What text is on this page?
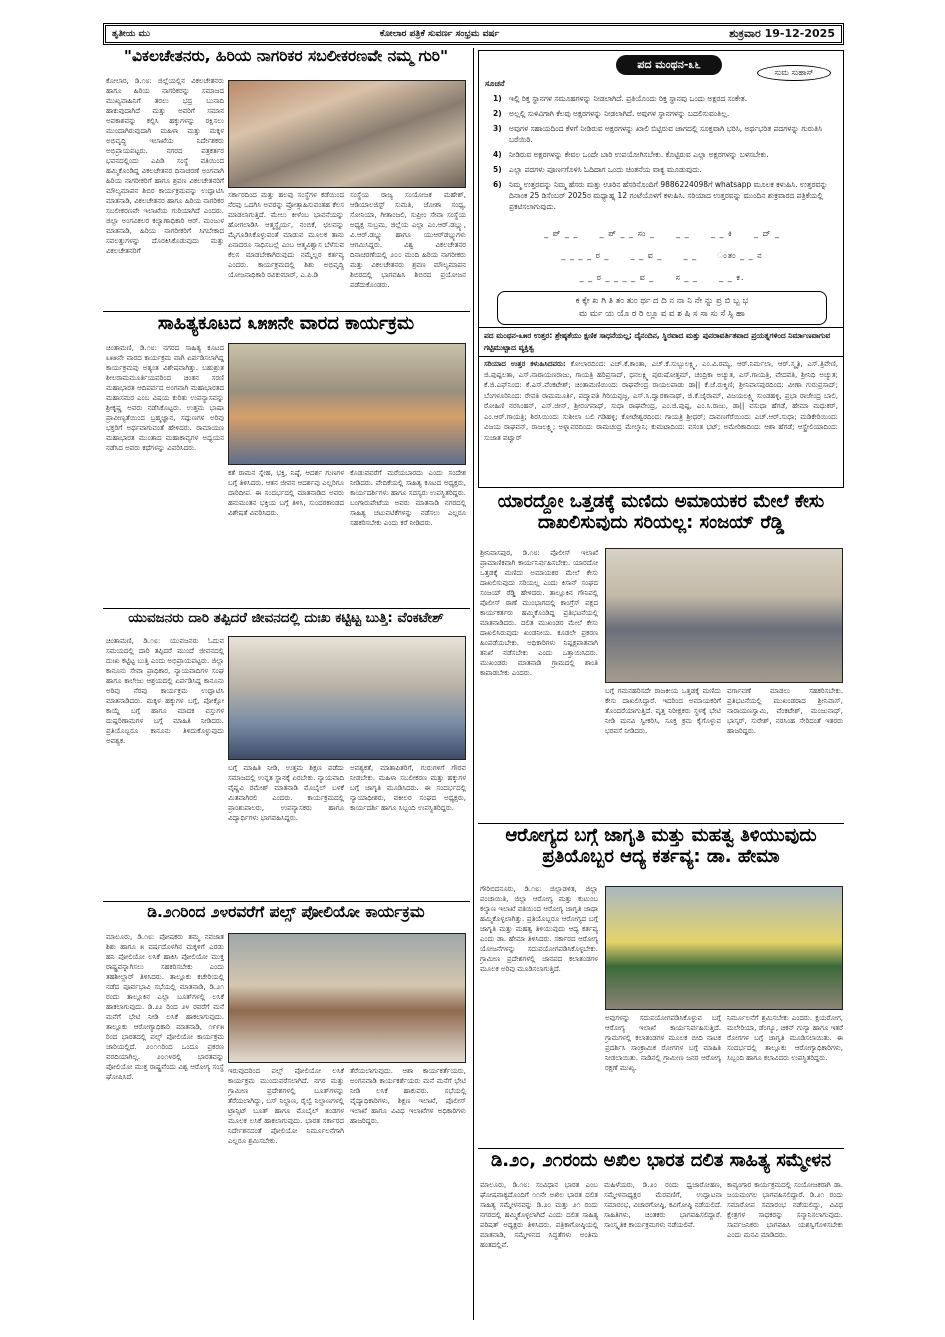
ತೃತೀಯ ಮು	ಕೋಲಾರ ಪತ್ರಿಕೆ ಸುವರ್ಣ ಸಂಭ್ರಮ ವರ್ಷ	ಶುಕ್ರವಾರ 19-12-2025
"ವಿಕಲಚೇತನರು, ಹಿರಿಯ ನಾಗರಿಕರ ಸಬಲೀಕರಣವೇ ನಮ್ಮ ಗುರಿ"
ಕೋಲಾರ, ಡಿ.೧೮: ಜಿಲ್ಲೆಯಲ್ಲಿನ ವಿಕಲಚೇತನರು ಹಾಗೂ ಹಿರಿಯ ನಾಗರಿಕರನ್ನು ಸಮಾಜದ ಮುಖ್ಯವಾಹಿನಿಗೆ ತರಲು ಭದ್ರ ಬುನಾದಿ ಹಾಕುವುದಾಗಿದೆ ಮತ್ತು ಅವರಿಗೆ ಸಮಾನ ಅವಕಾಶವನ್ನು ಕಲ್ಪಿಸಿ ಹಕ್ಕುಗಳನ್ನು ರಕ್ಷಿಸಲು ಮುಂದಾಗಿರುವುದಾಗಿ ಮಹಿಳಾ ಮತ್ತು ಮಕ್ಕಳ ಅಭಿವೃದ್ಧಿ ಇಲಾಖೆಯ ನಿರ್ದೇಶಕರು ಅಭಿಪ್ರಾಯಪಟ್ಟರು. ನಗರದ ಪತ್ರಕರ್ತರ ಭವನದಲ್ಲಿಂದು ಎಪಿಡಿ ಸಂಸ್ಥೆ ವತಿಯಿಂದ ಹಮ್ಮಿಕೊಂಡಿದ್ದ ವಿಕಲಚೇತನರ ದಿನಾಚರಣೆ ಅಂಗವಾಗಿ ಹಿರಿಯ ನಾಗರೀಕರಿಗೆ ಹಾಗೂ ಶ್ರವಣ ವಿಕಲಚೇತನರಿಗೆ ಮೌಲ್ಯಮಾಪನ ಶಿಬಿರ ಕಾರ್ಯಕ್ರಮವನ್ನು ಉದ್ಘಾಟಿಸಿ ಮಾತನಾಡಿ, ವಿಕಲಚೇತನರ ಹಾಗೂ ಹಿರಿಯ ನಾಗರಿಕರ ಸಬಲೀಕರಣವೇ ಇಲಾಖೆಯ ಗುರಿಯಾಗಿದೆ ಎಂದರು. ಜಿಲ್ಲಾ ಅಂಗವಿಕಲರ ಕಲ್ಯಾಣಾಧಿಕಾರಿ ಆರ್. ಮಂಜುಳ ಮಾತನಾಡಿ, ಹಿರಿಯ ನಾಗರೀಕರಿಗೆ ಸಿಗಬೇಕಾದ ಸವಲತ್ತುಗಳನ್ನು ದೊರಕಿಸಿಕೊಡುವುದು ಮತ್ತು ವಿಕಲಚೇತನರಿಗೆ
ಸರ್ಕಾರದಿಂದ ಮತ್ತು ಹಲವು ಸಂಸ್ಥೆಗಳ ಕಡೆಯಿಂದ ನೆರವು ಒದಗಿಸಿ ಅವರನ್ನು ಪ್ರೋತ್ಸಾಹಿಸುವಂತಹ ಕೆಲಸ ಮಾಡಲಾಗುತ್ತಿದೆ. ಮೇಲು ಕೀಳೆಂಬ ಭಾವನೆಯನ್ನು ಹೋಗಲಾಡಿಸಿ ಆತ್ಮಸ್ಥೈರ್ಯ, ನಂಬಿಕೆ, ಛಲವನ್ನು ಮೈಗೂಡಿಸಿಕೊಳ್ಳುವಂತೆ ಮಾಡುವ ಮೂಲಕ ತಾನು ಏನಾದರೂ ಸಾಧಿಸಬಲ್ಲೆ ಎಂಬ ಆತ್ಮವಿಶ್ವಾಸ ಬೆಳೆಸುವ ಕೆಲಸ ಮಾಡಬೇಕಾಗಿರುವುದು ನಮ್ಮೆಲ್ಲರ ಕರ್ತವ್ಯ ಎಂದರು. ಕಾರ್ಯಕ್ರಮದಲ್ಲಿ ಶಿಶು ಅಭಿವೃದ್ಧಿ ಯೋಜನಾಧಿಕಾರಿ ರವಿಕುಮಾರ್, ಎ.ಪಿ.ಡಿ
ಸಂಸ್ಥೆಯ ರಾಜ್ಯ ಸಂಯೋಜಕ ಮಹೇಶ್, ಆಡಿಯಾಲಜಿಸ್ಟ್ ಸುಮತಿ, ಜೋಶಾ ಸಂಧ್ಯ, ಸೋನಿಯಾ, ಗೀತಾಂಜಲಿ, ಸುಪ್ರೀಂ ಸೇವಾ ಸಂಸ್ಥೆಯ ಅಧ್ಯಕ್ಷ ಸುಬ್ರಮ, ಜಿಲ್ಲೆಯ ಎಲ್ಲಾ ಎಂ.ಆರ್.ಡಬ್ಲ್ಯು, ವಿ.ಆರ್.ಡಬ್ಲ್ಯು ಹಾಗೂ ಯುಆರ್‌ಡಬ್ಲ್ಯುಗಳು ಆಗಮಿಸಿದ್ದರು. ವಿಶ್ವ ವಿಕಲಚೇತನರ ದಿನಾಚರಣೆಯಲ್ಲಿ ೨೦೦ ಮಂದಿ ಹಿರಿಯ ನಾಗರೀಕರು ಮತ್ತು ವಿಕಲಚೇತನರು ಶ್ರವಣ ಮೌಲ್ಯಮಾಪನ ಶಿಬಿರದಲ್ಲಿ ಭಾಗವಹಿಸಿ ಶಿಬಿರದ ಪ್ರಯೋಜನ ಪಡೆದುಕೊಂಡರು.
ಸಾಹಿತ್ಯಕೂಟದ ೩೫೫ನೇ ವಾರದ ಕಾರ್ಯಕ್ರಮ
ಚಿಂತಾಮಣಿ, ಡಿ.೧೮: ನಗರದ ಸಾಹಿತ್ಯ ಕೂಟದ ೩೫೫ನೇ ವಾರದ ಕಾರ್ಯಕ್ರಮ ವಾಗಿ ಏರ್ಪಡಿಸಲಾಗಿದ್ದ ಕಾರ್ಯಕ್ರಮವು ಅತ್ಯಂತ ವಿಶೇಷವಾಗಿತ್ತು. ಬಹುಶ್ರುತ ಶೀಲರಾಮಮೂರ್ತಿಯವರಿಂದ ಚಿಂತನ ಸರಣಿ ಮಹಾಭಾರತ ಆದಿಪರ್ವದ ಅಂಗವಾಗಿ ಮಹಾಭಾರತದ ಮಹಾಸಮರ ಎಂಬ ವಿಷಯ ಕುರಿತು ಉಪನ್ಯಾಸವನ್ನು ಶ್ರೀಕೃಷ್ಣ ಅವರು ನಡೆಸಿಕೊಟ್ಟರು. ಉತ್ತಮ ಭಾಷಾ ಪ್ರಾವೀಣ್ಯತೆಯಿಂದ ಬ್ರಹ್ಮಜ್ಞಾನ, ಸದ್ಗುಣಗಳ ಅರಿವು ಭಕ್ತರಿಗೆ ಅರ್ಥವಾಗುವಂತೆ ಹೇಳಿದರು. ರಾಮಾಯಣ ಮಹಾಭಾರತ ಮುಂತಾದ ಮಹಾಕಾವ್ಯಗಳ ಅಧ್ಯಯನ ನಡೆಸಿದ ಅವರು ಕಥೆಗಳನ್ನು ವಿವರಿಸಿದರು.
ಕತೆ ರಾಮನ ಸ್ನೇಹ, ಭಕ್ತಿ, ನಿಷ್ಠೆ, ಆದರ್ಶ ಗುಣಗಳ ಬಗ್ಗೆ ತಿಳಿಸಿದರು. ಆತನ ಜೀವನ ಆದರ್ಶವು ಎಲ್ಲರಿಗೂ ದಾರಿದೀಪ. ಈ ಸಂದರ್ಭದಲ್ಲಿ ಮಾತನಾಡಿದ ಅವರು ಹನುಮಂತನ ಭಕ್ತಿಯ ಬಗ್ಗೆ ತಿಳಿಸಿ, ಸುಂದರಕಾಂಡದ ವಿಶೇಷತೆ ವಿವರಿಸಿದರು.
ಕೊಡುವವರೆಗೆ ಮರೆಯಬಾರದು ಎಂದು ಸಂದೇಶ ನೀಡಿದರು. ವೇದಿಕೆಯಲ್ಲಿ ಸಾಹಿತ್ಯ ಕೂಟದ ಅಧ್ಯಕ್ಷರು, ಕಾರ್ಯದರ್ಶಿಗಳು ಹಾಗೂ ಸದಸ್ಯರು ಉಪಸ್ಥಿತರಿದ್ದರು. ಬಂಗಾರುಪೇಟೆಯ ಅವರು ಮಾತನಾಡಿ ನಗರದಲ್ಲಿ ಸಾಹಿತ್ಯ ಚಟುವಟಿಕೆಗಳನ್ನು ನಡೆಸಲು ಎಲ್ಲರೂ ಸಹಕರಿಸಬೇಕು ಎಂದು ಕರೆ ನೀಡಿದರು.
ಯುವಜನರು ದಾರಿ ತಪ್ಪಿದರೆ ಜೀವನದಲ್ಲಿ ದುಃಖ ಕಟ್ಟಿಟ್ಟ ಬುತ್ತಿ: ವೆಂಕಟೇಶ್
ಚಿಂತಾಮಣಿ, ಡಿ.೧೮: ಯುವಜನರು ಓದುವ ಸಮಯದಲ್ಲಿ ದಾರಿ ತಪ್ಪಿದರೆ ಮುಂದೆ ಜೀವನದಲ್ಲಿ ದುಃಖ ಕಟ್ಟಿಟ್ಟ ಬುತ್ತಿ ಎಂದು ಅಭಿಪ್ರಾಯಪಟ್ಟರು. ಜಿಲ್ಲಾ ಕಾನೂನು ಸೇವಾ ಪ್ರಾಧಿಕಾರ, ನ್ಯಾಯವಾದಿಗಳ ಸಂಘ ಹಾಗೂ ಕಾಲೇಜು ಆಶ್ರಯದಲ್ಲಿ ಏರ್ಪಡಿಸಿದ್ದ ಕಾನೂನು ಅರಿವು ನೆರವು ಕಾರ್ಯಕ್ರಮ ಉದ್ಘಾಟಿಸಿ ಮಾತನಾಡಿದರು. ಮಕ್ಕಳ ಹಕ್ಕುಗಳ ಬಗ್ಗೆ, ಪೋಕ್ಸೋ ಕಾಯ್ದೆ ಬಗ್ಗೆ ಹಾಗೂ ಮಾದಕ ವಸ್ತುಗಳ ದುಷ್ಪರಿಣಾಮಗಳ ಬಗ್ಗೆ ಮಾಹಿತಿ ನೀಡಿದರು. ಪ್ರತಿಯೊಬ್ಬರೂ ಕಾನೂನು ತಿಳಿದುಕೊಳ್ಳುವುದು ಅವಶ್ಯಕ.
ಬಗ್ಗೆ ಮಾಹಿತಿ ನೀಡಿ, ಉತ್ತಮ ಶಿಕ್ಷಣ ಪಡೆದು ಸಮಾಜದಲ್ಲಿ ಉನ್ನತ ಸ್ಥಾನಕ್ಕೆ ಏರಬೇಕು. ನ್ಯಾಯವಾದಿ ವೈಷ್ಣವಿ ರಮೇಶ್ ಮಾತನಾಡಿ ಮೊಬೈಲ್ ಬಳಕೆ ಮಿತವಾಗಿರಲಿ ಎಂದರು. ಕಾರ್ಯಕ್ರಮದಲ್ಲಿ ಪ್ರಾಂಶುಪಾಲರು, ಉಪನ್ಯಾಸಕರು ಹಾಗೂ ವಿದ್ಯಾರ್ಥಿಗಳು ಭಾಗವಹಿಸಿದ್ದರು.
ಅವಶ್ಯಕತೆ, ಮಾತಾಪಿತರಿಗೆ, ಗುರುಗಳಿಗೆ ಗೌರವ ನೀಡಬೇಕು. ಮಹಿಳಾ ಸಬಲೀಕರಣ ಮತ್ತು ಹಕ್ಕುಗಳ ಬಗ್ಗೆ ಜಾಗೃತಿ ಮೂಡಿಸಿದರು. ಈ ಸಂದರ್ಭದಲ್ಲಿ ನ್ಯಾಯಾಧೀಶರು, ವಕೀಲರ ಸಂಘದ ಅಧ್ಯಕ್ಷರು, ಕಾರ್ಯದರ್ಶಿ ಹಾಗೂ ಸಿಬ್ಬಂದಿ ಉಪಸ್ಥಿತರಿದ್ದರು.
ಡಿ.೨೧ರಿಂದ ೨೪ರವರೆಗೆ ಪಲ್ಸ್ ಪೋಲಿಯೋ ಕಾರ್ಯಕ್ರಮ
ಮಾಲೂರು, ಡಿ.೧೮: ಪೋಷಕರು ತಮ್ಮ ನವಜಾತ ಶಿಶು ಹಾಗೂ ೫ ವರ್ಷದೊಳಗಿನ ಮಕ್ಕಳಿಗೆ ಎರಡು ಹನಿ ಪೋಲಿಯೋ ಲಸಿಕೆ ಹಾಕಿಸಿ ಪೋಲಿಯೋ ಮುಕ್ತ ರಾಷ್ಟ್ರವನ್ನಾಗಿಸಲು ಸಹಕರಿಸಬೇಕು ಎಂದು ತಹಶೀಲ್ದಾರ್ ತಿಳಿಸಿದರು. ತಾಲ್ಲೂಕು ಕಚೇರಿಯಲ್ಲಿ ನಡೆದ ಪೂರ್ವಭಾವಿ ಸಭೆಯಲ್ಲಿ ಮಾತನಾಡಿ, ಡಿ.೨೧ ರಂದು ತಾಲ್ಲೂಕಿನ ಎಲ್ಲಾ ಬೂತ್‌ಗಳಲ್ಲಿ ಲಸಿಕೆ ಹಾಕಲಾಗುವುದು. ಡಿ.೨೨ ರಿಂದ ೨೪ ರವರೆಗೆ ಮನೆ ಮನೆಗೆ ಭೇಟಿ ನೀಡಿ ಲಸಿಕೆ ಹಾಕಲಾಗುವುದು. ತಾಲ್ಲೂಕು ಆರೋಗ್ಯಾಧಿಕಾರಿ ಮಾತನಾಡಿ, ೧೯೯೫ ರಿಂದ ಭಾರತದಲ್ಲಿ ಪಲ್ಸ್ ಪೋಲಿಯೋ ಕಾರ್ಯಕ್ರಮ ಜಾರಿಯಲ್ಲಿದೆ. ೨೦೧೧ರಿಂದ ಒಂದೂ ಪ್ರಕರಣ ವರದಿಯಾಗಿಲ್ಲ. ೨೦೧೪ರಲ್ಲಿ ಭಾರತವನ್ನು ಪೋಲಿಯೋ ಮುಕ್ತ ರಾಷ್ಟ್ರವೆಂದು ವಿಶ್ವ ಆರೋಗ್ಯ ಸಂಸ್ಥೆ ಘೋಷಿಸಿದೆ.
ಇರುವುದರಿಂದ ಪಲ್ಸ್ ಪೋಲಿಯೋ ಲಸಿಕೆ ಕಾರ್ಯಕ್ರಮ ಮುಂದುವರೆಸಲಾಗಿದೆ. ನಗರ ಮತ್ತು ಗ್ರಾಮೀಣ ಪ್ರದೇಶಗಳಲ್ಲಿ ಬೂತ್‌ಗಳನ್ನು ತೆರೆಯಲಾಗಿದ್ದು, ಬಸ್ ನಿಲ್ದಾಣ, ರೈಲ್ವೆ ನಿಲ್ದಾಣಗಳಲ್ಲಿ ಟ್ರಾನ್ಸಿಟ್ ಬೂತ್ ಹಾಗೂ ಮೊಬೈಲ್ ತಂಡಗಳ ಮೂಲಕ ಲಸಿಕೆ ಹಾಕಲಾಗುವುದು. ಭಾರತ ಸರ್ಕಾರದ ನಿರ್ದೇಶನದಂತೆ ಪೋಲಿಯೋ ನಿರ್ಮೂಲನೆಗಾಗಿ ಎಲ್ಲರೂ ಶ್ರಮಿಸಬೇಕು.
ತೆರೆಯಲಾಗುವುದು. ಆಶಾ ಕಾರ್ಯಕರ್ತೆಯರು, ಅಂಗನವಾಡಿ ಕಾರ್ಯಕರ್ತೆಯರು ಮನೆ ಮನೆಗೆ ಭೇಟಿ ನೀಡಿ ಲಸಿಕೆ ಹಾಕುವರು. ಸಭೆಯಲ್ಲಿ ವೈದ್ಯಾಧಿಕಾರಿಗಳು, ಶಿಕ್ಷಣ ಇಲಾಖೆ, ಪೊಲೀಸ್ ಇಲಾಖೆ ಹಾಗೂ ವಿವಿಧ ಇಲಾಖೆಗಳ ಅಧಿಕಾರಿಗಳು ಹಾಜರಿದ್ದರು.
ಪದ ಮಂಥನ-೩೬
ಸುಮ ಸುಹಾಸ್
ಸೂಚನೆ
1) ಇಲ್ಲಿ ರಿಕ್ತ ಸ್ಥಾನಗಳ ಸಮೂಹಗಳನ್ನು ನೀಡಲಾಗಿದೆ. ಪ್ರತಿಯೊಂದು ರಿಕ್ತ ಸ್ಥಾನವು ಒಂದು ಅಕ್ಷರದ ಸಂಕೇತ.
2) ಅಲ್ಲಲ್ಲಿ ಸುಳಿವಿಗಾಗಿ ಕೆಲವು ಅಕ್ಷರಗಳನ್ನು ನೀಡಲಾಗಿದೆ. ಅವುಗಳ ಸ್ಥಾನಗಳನ್ನು ಬದಲಿಸುವಂತಿಲ್ಲ.
3) ಅವುಗಳ ಸಹಾಯದಿಂದ ಕೆಳಗೆ ನೀಡಿರುವ ಅಕ್ಷರಗಳನ್ನು ಖಾಲಿ ಬಿಟ್ಟಿರುವ ಜಾಗದಲ್ಲಿ ಸೂಕ್ತವಾಗಿ ಭರಿಸಿ, ಅರ್ಥಭರಿತ ಪದಗಳನ್ನು ಗುರುತಿಸಿ ಬರೆಯಿರಿ.
4) ನೀಡಿರುವ ಅಕ್ಷರಗಳನ್ನು ಕೇವಲ ಒಂದೇ ಬಾರಿ ಉಪಯೋಗಿಸಬೇಕು. ಕೊಟ್ಟಿರುವ ಎಲ್ಲಾ ಅಕ್ಷರಗಳನ್ನು ಬಳಸಬೇಕು.
5) ಎಲ್ಲಾ ಪದಗಳು ಪೂರ್ಣಗೊಳಿಸಿ ಓದಿದಾಗ ಒಂದು ಚಿಂತನೆಯ ವಾಕ್ಯ ಮೂಡುವುದು.
6) ನಿಮ್ಮ ಉತ್ತರವನ್ನು ನಿಮ್ಮ ಹೆಸರು ಮತ್ತು ಊರಿನ ಹೆಸರಿನೊಂದಿಗೆ 9886224098ಗೆ whatsapp ಮೂಲಕ ಕಳುಹಿಸಿ. ಉತ್ತರವನ್ನು ದಿನಾಂಕ 25 ಡಿಸೆಂಬರ್ 2025ರ ಮಧ್ಯಾಹ್ನ 12 ಗಂಟೆಯೊಳಗೆ ಕಳುಹಿಸಿ. ಸರಿಯಾದ ಉತ್ತರವನ್ನು ಮುಂದಿನ ಶುಕ್ರವಾರದ ಪತ್ರಿಕೆಯಲ್ಲಿ ಪ್ರಕಟಿಸಲಾಗುವುದು.
_ ಪ್ _ _      _ ಪ್ _ _ ಸಂ _      _ _      _ _ ಕಿ      _ ದ್ _
_ _ _ _ ರ _      _ _ ವ _      _ _      ಂತಂ _ _ ನ
_ _ ರ _ _ _ _ ವ _      ಸ _ _      _ _ ಕ.
ಕ ಕ್ಕೇ ಖ ಗಿ ತಿ ತಂ ತುಂ ರ್ಥ ದ ದಿ ನ ನಾ ನಿ ನೇ ನ್ನು ಪ್ರ ಬಿ ಬ್ಬ ಭ
ಮ ರ್ಮ ಯ ಯೊ ರ ರಿ ಲ್ಲೂ ವ ವ ಶ ಷಿ ಸ ಸಾ ಸು ಸೆ ಸ್ಸಿ ಹಾ
ಪದ ಮಂಥನ-೩೫ರ ಉತ್ತರ: ಶ್ರೇಷ್ಠತೆಯು ಕ್ಷಣಿಕ ಸಾಧನೆಯಲ್ಲ; ದೈನಂದಿನ, ಸ್ಥಿರವಾದ ಮತ್ತು ಪುನರಾವರ್ತಿತವಾದ ಪ್ರಯತ್ನಗಳಿಂದ ನಿರ್ಮಾಣವಾಗುವ ಗಟ್ಟಿಮುಟ್ಟಾದ ವ್ಯಕ್ತಿತ್ವ
ಸರಿಯಾದ ಉತ್ತರ ಕಳುಹಿಸಿದವರು: ಕೋಲಾರದಿಂದ: ಎಚ್.ಕೆ.ಕಾಂತಾ, ಎಚ್.ಕೆ.ಸುಬ್ಬುಲಕ್ಷ್ಮಿ, ಎಂ.ವಿ.ರಮ್ಯ, ಆರ್.ನಿರ್ಮಲಾ, ಆರ್.ಸ್ಮೃತಿ, ಎಸ್.ತ್ರಿವೇಣಿ, ಜಿ.ಪುಷ್ಪಲತಾ, ಎಸ್.ನಾರಾಯಣರಾಜು, ಗಾಯತ್ರಿ ಹರಿಪ್ರಸಾದ್, ಧನಲಕ್ಷ್ಮಿ ಪುರುಷೋತ್ತಮ್, ಚಂದ್ರಿಕಾ ಅಚ್ಯುತ, ಎಸ್.ಗಾಯತ್ರಿ, ವೇದವತಿ, ಶ್ರೀನಿಧಿ ಅಚ್ಯುತ; ಕೆ.ಜಿ.ಎಫ್‌ನಿಂದ: ಕೆ.ಎಸ್.ವೆಂಕಟೇಶ್; ಚಿಂತಾಮಣಿಯಿಂದ: ರಾಘವೇಂದ್ರ ರಾಯಲಪಾಡು ಡಾ|| ಕೆ.ಜೆ.ರುಕ್ಮಿಣಿ; ಶ್ರೀನಿವಾಸಪುರದಿಂದ: ವೀಣಾ ಗುರುಪ್ರಸಾದ್; ಬೆಂಗಳೂರಿನಿಂದ: ರೇವತಿ ರಾಮಮೂರ್ತಿ, ಪದ್ಮಾವತಿ ಗಿರಿಯಪ್ಪಜ್ಜ, ಎಸ್.ಸಿ.ದ್ವಾರಕಾನಾಥ್, ಜಿ.ಕೆ.ಜೈರಾಮ್, ವಿಜಯಲಕ್ಷ್ಮಿ ಸುಂಡಹಳ್ಳಿ, ಪ್ರಭಾ ರಾಜೇಂದ್ರ ಬಾಲಿ, ರೋಹಿಣಿ ನರಸಿಂಹನ್, ಎಸ್.ಜೀನ್, ಶ್ರೀರಂಗನಾಥ್, ಸುಧಾ ರಾಘವೇಂದ್ರ, ಎಂ.ಜಿ.ಪುಷ್ಪ, ಎಂ.ಸಿ.ರಾಜು, ಡಾ|| ವಸುಧಾ ಹೆಗಡೆ, ಹೇಮಾ ಮಧುಕರ್, ಎಂ.ಆರ್.ಗಾಯತ್ರಿ; ಶಿರಸಿಯಿಂದ: ಸುಶೀಲಾ ಬಲಿ ಗಡಿಹಳ್ಳಿ; ಕೋಟೇಶ್ವರದಿಂದ: ಗಾಯತ್ರಿ ಶ್ರೀಧರ್; ದಾವಣಗೆರೆಯಿಂದ: ಎಚ್.ಆರ್.ಸುಧಾ; ಮಡಿಕೇರಿಯಿಂದ: ವಿಜಯ ರಾಘವನ್, ರಾಜಲಕ್ಷ್ಮಿ; ಅಳ್ನಾವರದಿಂದ: ರಾಮಚಂದ್ರ ಮೇಲ್ಕಾನಿ; ಕುಮಟಾದಿಂದ: ವಸಂತ ಭಟ್; ಅಮೇರಿಕಾದಿಂದ: ಆಶಾ ಹೆಗಡೆ; ಆಸ್ಟ್ರೇಲಿಯಾದಿಂದ: ಸುಜಾತ ಪಟ್ವಾರ್
ಯಾರದ್ದೋ ಒತ್ತಡಕ್ಕೆ ಮಣಿದು ಅಮಾಯಕರ ಮೇಲೆ ಕೇಸು ದಾಖಲಿಸುವುದು ಸರಿಯಲ್ಲ: ಸಂಜಯ್ ರೆಡ್ಡಿ
ಶ್ರೀನಿವಾಸಪುರ, ಡಿ.೧೮: ಪೊಲೀಸ್ ಇಲಾಖೆ ಪ್ರಾಮಾಣಿಕವಾಗಿ ಕಾರ್ಯನಿರ್ವಹಿಸಬೇಕು. ಯಾರದೋ ಒತ್ತಡಕ್ಕೆ ಮಣಿದು ಅಮಾಯಕರ ಮೇಲೆ ಕೇಸು ದಾಖಲಿಸುವುದು ಸರಿಯಲ್ಲ ಎಂದು ಕಿಸಾನ್ ಸಂಘದ ಸಂಜಯ್ ರೆಡ್ಡಿ ಹೇಳಿದರು. ತಾಲ್ಲೂಕಿನ ಗೌನಿಪಲ್ಲಿ ಪೊಲೀಸ್ ಠಾಣೆ ಮುಂಭಾಗದಲ್ಲಿ ಕಾಂಗ್ರೆಸ್ ಪಕ್ಷದ ಕಾರ್ಯಕರ್ತರು ಹಮ್ಮಿಕೊಂಡಿದ್ದ ಪ್ರತಿಭಟನೆಯಲ್ಲಿ ಮಾತನಾಡಿದರು. ದಲಿತ ಮುಖಂಡರ ಮೇಲೆ ಕೇಸು ದಾಖಲಿಸಿರುವುದು ಖಂಡನೀಯ. ಕೂಡಲೇ ಪ್ರಕರಣ ಹಿಂಪಡೆಯಬೇಕು. ಅಧಿಕಾರಿಗಳು ನಿಷ್ಪಕ್ಷಪಾತವಾಗಿ ತನಿಖೆ ನಡೆಸಬೇಕು ಎಂದು ಒತ್ತಾಯಿಸಿದರು. ಮುಖಂಡರು ಮಾತನಾಡಿ ಗ್ರಾಮದಲ್ಲಿ ಶಾಂತಿ ಕಾಪಾಡಬೇಕು ಎಂದರು.
ಬಗ್ಗೆ ಗಮನಹರಿಸದೇ ರಾಜಕೀಯ ಒತ್ತಡಕ್ಕೆ ಮಣಿದು ಕೇಸು ದಾಖಲಿಸಿದ್ದಾರೆ. ಇದರಿಂದ ಅಮಾಯಕರಿಗೆ ತೊಂದರೆಯಾಗುತ್ತಿದೆ. ವೃತ್ತ ನಿರೀಕ್ಷಕರು ಸ್ಥಳಕ್ಕೆ ಭೇಟಿ ನೀಡಿ ಮನವಿ ಸ್ವೀಕರಿಸಿ, ಸೂಕ್ತ ಕ್ರಮ ಕೈಗೊಳ್ಳುವ ಭರವಸೆ ನೀಡಿದರು.
ವರ್ಗಾವಣೆ ಮಾಡಲು ಸಹಕರಿಸಬೇಕು. ಪ್ರತಿಭಟನೆಯಲ್ಲಿ ಮುಖಂಡರಾದ ಶ್ರೀನಿವಾಸ್, ನಾರಾಯಣಸ್ವಾಮಿ, ವೆಂಕಟೇಶ್, ಮಂಜುನಾಥ್, ಭಾಸ್ಕರ್, ಸುರೇಶ್, ನರಸಿಂಹ ಸೇರಿದಂತೆ ಇತರರು ಹಾಜರಿದ್ದರು.
ಆರೋಗ್ಯದ ಬಗ್ಗೆ ಜಾಗೃತಿ ಮತ್ತು ಮಹತ್ವ ತಿಳಿಯುವುದು ಪ್ರತಿಯೊಬ್ಬರ ಆದ್ಯ ಕರ್ತವ್ಯ: ಡಾ. ಹೇಮಾ
ಗೌರಿಬಿದನೂರು, ಡಿ.೧೮: ಜಿಲ್ಲಾಡಳಿತ, ಜಿಲ್ಲಾ ಪಂಚಾಯಿತಿ, ಜಿಲ್ಲಾ ಆರೋಗ್ಯ ಮತ್ತು ಕುಟುಂಬ ಕಲ್ಯಾಣ ಇಲಾಖೆ ವತಿಯಿಂದ ಆರೋಗ್ಯ ಜಾಗೃತಿ ಜಾಥಾ ಹಮ್ಮಿಕೊಳ್ಳಲಾಗಿತ್ತು. ಪ್ರತಿಯೊಬ್ಬರೂ ಆರೋಗ್ಯದ ಬಗ್ಗೆ ಜಾಗೃತಿ ಮತ್ತು ಮಹತ್ವ ತಿಳಿಯುವುದು ಆದ್ಯ ಕರ್ತವ್ಯ ಎಂದು ಡಾ. ಹೇಮಾ ತಿಳಿಸಿದರು. ಸರ್ಕಾರದ ಆರೋಗ್ಯ ಯೋಜನೆಗಳನ್ನು ಸದುಪಯೋಗಪಡಿಸಿಕೊಳ್ಳಬೇಕು. ಗ್ರಾಮೀಣ ಪ್ರದೇಶಗಳಲ್ಲಿ ಜಾನಪದ ಕಲಾತಂಡಗಳ ಮೂಲಕ ಅರಿವು ಮೂಡಿಸಲಾಗುತ್ತಿದೆ.
ಅವುಗಳನ್ನು ಸದುಪಯೋಗಪಡಿಸಿಕೊಳ್ಳುವ ಬಗ್ಗೆ ಆರೋಗ್ಯ ಇಲಾಖೆ ಕಾರ್ಯನಿರ್ವಹಿಸುತ್ತಿದೆ. ಗ್ರಾಮಗಳಲ್ಲಿ ಕಲಾತಂಡಗಳ ಮೂಲಕ ಬೀದಿ ನಾಟಕ ಪ್ರದರ್ಶಿಸಿ ಸಾಂಕ್ರಾಮಿಕ ರೋಗಗಳ ಬಗ್ಗೆ ಮಾಹಿತಿ ನೀಡಲಾಯಿತು. ನಾಡಿನಲ್ಲಿ ಗ್ರಾಮೀಣ ಜನರ ಆರೋಗ್ಯ ರಕ್ಷಣೆ ಮುಖ್ಯ.
ನಿರ್ಮೂಲನೆಗೆ ಶ್ರಮಿಸಬೇಕು ಎಂದರು. ಕ್ಷಯರೋಗ, ಮಲೇರಿಯಾ, ಡೆಂಗ್ಯೂ, ಚಿಕನ್ ಗುನ್ಯಾ ಹಾಗೂ ಇತರೆ ರೋಗಗಳ ಬಗ್ಗೆ ಜಾಗೃತಿ ಮೂಡಿಸಲಾಯಿತು. ಈ ಸಂದರ್ಭದಲ್ಲಿ ತಾಲ್ಲೂಕು ಆರೋಗ್ಯಾಧಿಕಾರಿಗಳು, ಸಿಬ್ಬಂದಿ ಹಾಗೂ ಕಲಾವಿದರು ಉಪಸ್ಥಿತರಿದ್ದರು.
ಡಿ.೨೦, ೨೧ರಂದು ಅಖಿಲ ಭಾರತ ದಲಿತ ಸಾಹಿತ್ಯ ಸಮ್ಮೇಳನ
ಮಾಲೂರು, ಡಿ.೧೮: ಸಂವಿಧಾನ ಭಾರತ ಎಂಬ ಘೋಷವಾಕ್ಯದೊಂದಿಗೆ ೧೧ನೇ ಅಖಿಲ ಭಾರತ ದಲಿತ ಸಾಹಿತ್ಯ ಸಮ್ಮೇಳನವನ್ನು ಡಿ.೨೦ ಮತ್ತು ೨೧ ರಂದು ನಗರದಲ್ಲಿ ಹಮ್ಮಿಕೊಳ್ಳಲಾಗಿದೆ ಎಂದು ದಲಿತ ಸಾಹಿತ್ಯ ಪರಿಷತ್ ಅಧ್ಯಕ್ಷರು ತಿಳಿಸಿದರು. ಪತ್ರಿಕಾಗೋಷ್ಠಿಯಲ್ಲಿ ಮಾತನಾಡಿ, ಸಮ್ಮೇಳನದ ಸಿದ್ಧತೆಗಳು ಅಂತಿಮ ಹಂತದಲ್ಲಿವೆ.
ಮಹಿಳೆಯರು, ಡಿ.೨೦ ರಂದು ಧ್ವಜಾರೋಹಣ, ಸಮ್ಮೇಳನಾಧ್ಯಕ್ಷರ ಮೆರವಣಿಗೆ, ಉದ್ಘಾಟನಾ ಸಮಾರಂಭ, ವಿಚಾರಗೋಷ್ಠಿ, ಕವಿಗೋಷ್ಠಿ ನಡೆಯಲಿದೆ. ಸಾಹಿತಿಗಳು, ಚಿಂತಕರು ಭಾಗವಹಿಸಲಿದ್ದಾರೆ. ಸಾಂಸ್ಕೃತಿಕ ಕಾರ್ಯಕ್ರಮಗಳು ನಡೆಯಲಿವೆ.
ಕಾವ್ಯಂಗಾರ ಕಾರ್ಯಕ್ರಮದಲ್ಲಿ ಸಂಯೋಜಕರಾಗಿ ಡಾ. ಜಯಮಂಗಲ ಭಾಗವಹಿಸಲಿದ್ದಾರೆ. ಡಿ.೨೧ ರಂದು ಸಮಾರೋಪ ಸಮಾರಂಭ ನಡೆಯಲಿದ್ದು, ವಿವಿಧ ಕ್ಷೇತ್ರಗಳ ಸಾಧಕರನ್ನು ಸನ್ಮಾನಿಸಲಾಗುವುದು. ಸಾರ್ವಜನಿಕರು ಭಾಗವಹಿಸಿ ಯಶಸ್ವಿಗೊಳಿಸಬೇಕು ಎಂದು ಮನವಿ ಮಾಡಿದರು.
